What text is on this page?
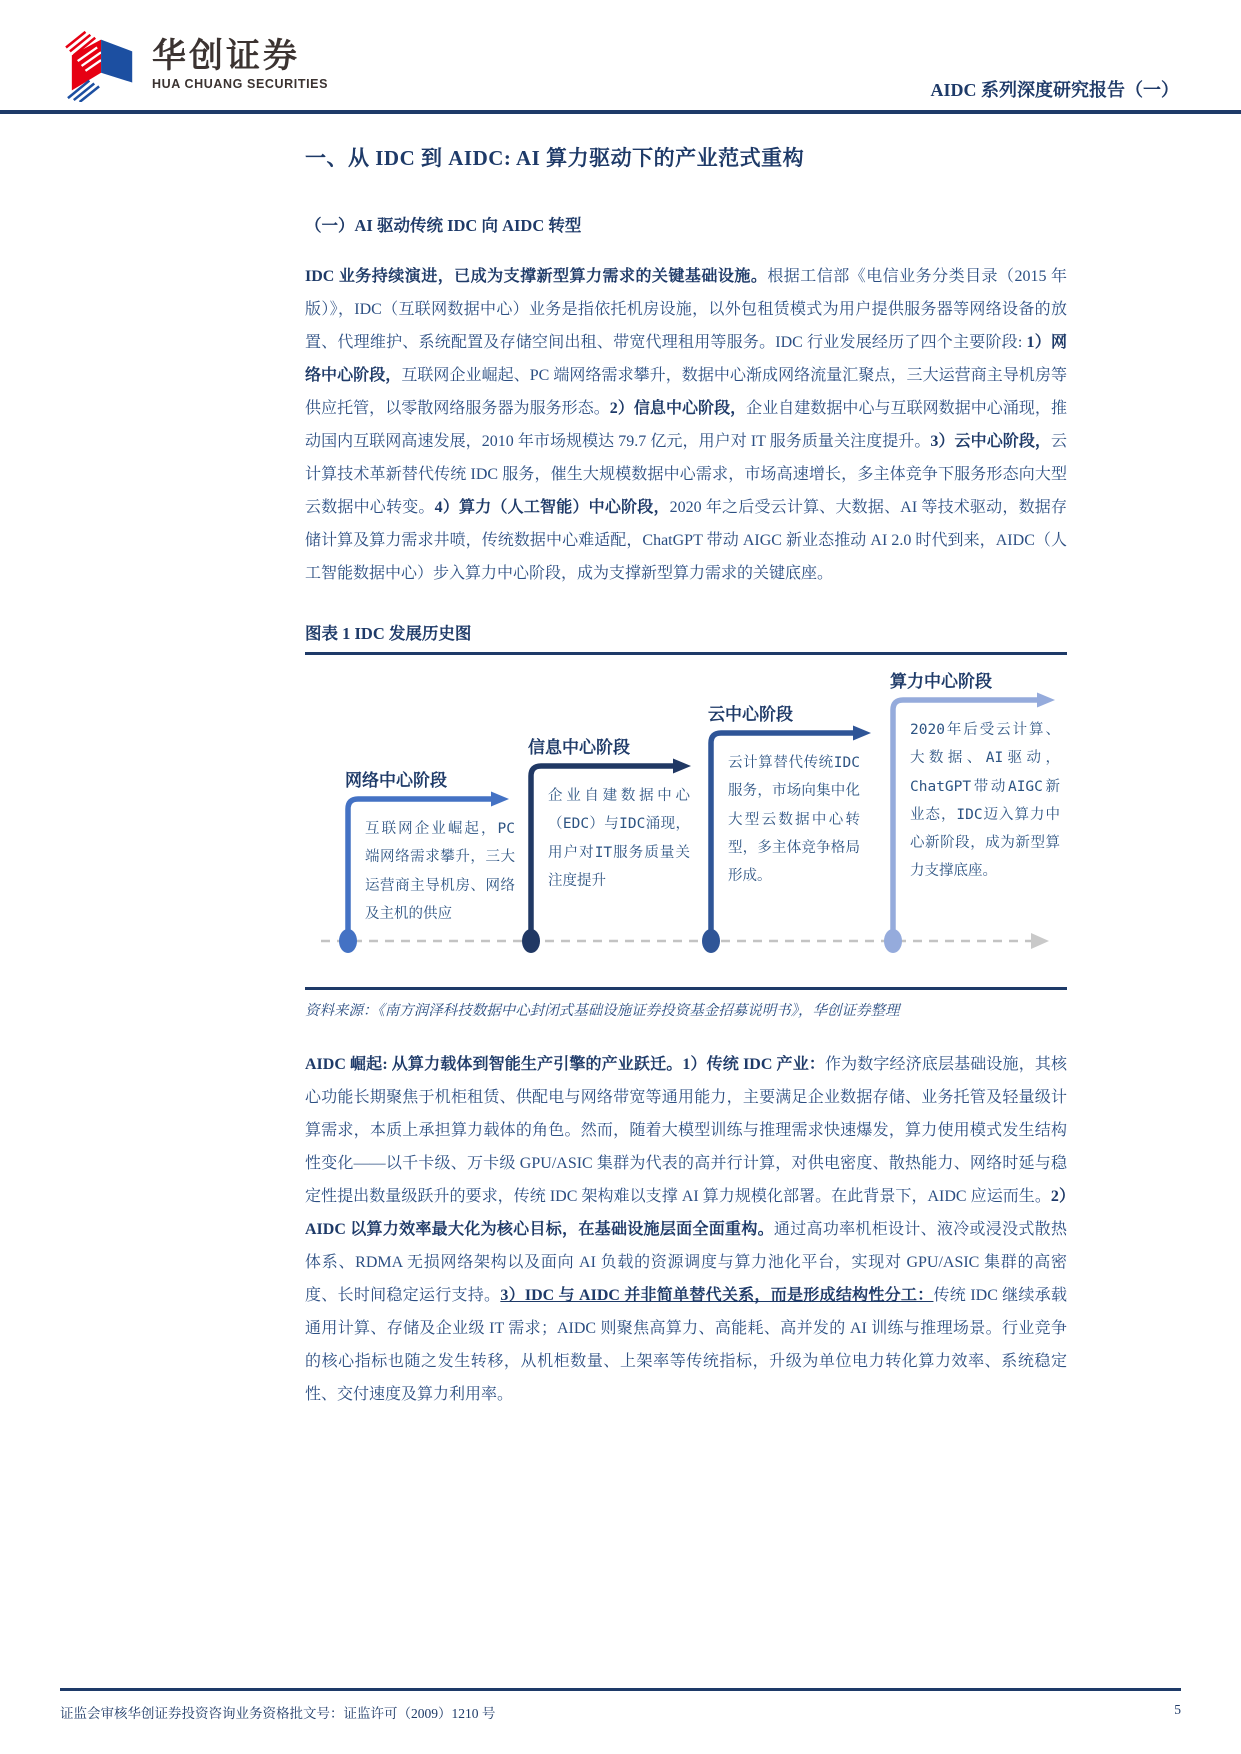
华创证券
HUA CHUANG SECURITIES	AIDC 系列深度研究报告（一）
一、从 IDC 到 AIDC: AI 算力驱动下的产业范式重构
（一）AI 驱动传统 IDC 向 AIDC 转型
IDC 业务持续演进，已成为支撑新型算力需求的关键基础设施。根据工信部《电信业务分类目录（2015 年版）》，IDC（互联网数据中心）业务是指依托机房设施，以外包租赁模式为用户提供服务器等网络设备的放置、代理维护、系统配置及存储空间出租、带宽代理租用等服务。IDC 行业发展经历了四个主要阶段: 1）网络中心阶段，互联网企业崛起、PC 端网络需求攀升，数据中心渐成网络流量汇聚点，三大运营商主导机房等供应托管，以零散网络服务器为服务形态。2）信息中心阶段，企业自建数据中心与互联网数据中心涌现，推动国内互联网高速发展，2010 年市场规模达 79.7 亿元，用户对 IT 服务质量关注度提升。3）云中心阶段，云计算技术革新替代传统 IDC 服务，催生大规模数据中心需求，市场高速增长，多主体竞争下服务形态向大型云数据中心转变。4）算力（人工智能）中心阶段，2020 年之后受云计算、大数据、AI 等技术驱动，数据存储计算及算力需求井喷，传统数据中心难适配，ChatGPT 带动 AIGC 新业态推动 AI 2.0 时代到来，AIDC（人工智能数据中心）步入算力中心阶段，成为支撑新型算力需求的关键底座。
图表 1 IDC 发展历史图
网络中心阶段
信息中心阶段
云中心阶段
算力中心阶段
互联网企业崛起，PC 端网络需求攀升，三大运营商主导机房、网络及主机的供应
企业自建数据中心（EDC）与IDC涌现，用户对IT服务质量关注度提升
云计算替代传统IDC服务，市场向集中化大型云数据中心转型，多主体竞争格局形成。
2020年后受云计算、大数据、AI驱动，ChatGPT带动AIGC新业态，IDC迈入算力中心新阶段，成为新型算力支撑底座。
资料来源：《南方润泽科技数据中心封闭式基础设施证券投资基金招募说明书》，华创证券整理
AIDC 崛起: 从算力载体到智能生产引擎的产业跃迁。1）传统 IDC 产业：作为数字经济底层基础设施，其核心功能长期聚焦于机柜租赁、供配电与网络带宽等通用能力，主要满足企业数据存储、业务托管及轻量级计算需求，本质上承担算力载体的角色。然而，随着大模型训练与推理需求快速爆发，算力使用模式发生结构性变化——以千卡级、万卡级 GPU/ASIC 集群为代表的高并行计算，对供电密度、散热能力、网络时延与稳定性提出数量级跃升的要求，传统 IDC 架构难以支撑 AI 算力规模化部署。在此背景下，AIDC 应运而生。2）AIDC 以算力效率最大化为核心目标，在基础设施层面全面重构。通过高功率机柜设计、液冷或浸没式散热体系、RDMA 无损网络架构以及面向 AI 负载的资源调度与算力池化平台，实现对 GPU/ASIC 集群的高密度、长时间稳定运行支持。3）IDC 与 AIDC 并非简单替代关系，而是形成结构性分工：传统 IDC 继续承载通用计算、存储及企业级 IT 需求；AIDC 则聚焦高算力、高能耗、高并发的 AI 训练与推理场景。行业竞争的核心指标也随之发生转移，从机柜数量、上架率等传统指标，升级为单位电力转化算力效率、系统稳定性、交付速度及算力利用率。
证监会审核华创证券投资咨询业务资格批文号：证监许可（2009）1210 号	5
